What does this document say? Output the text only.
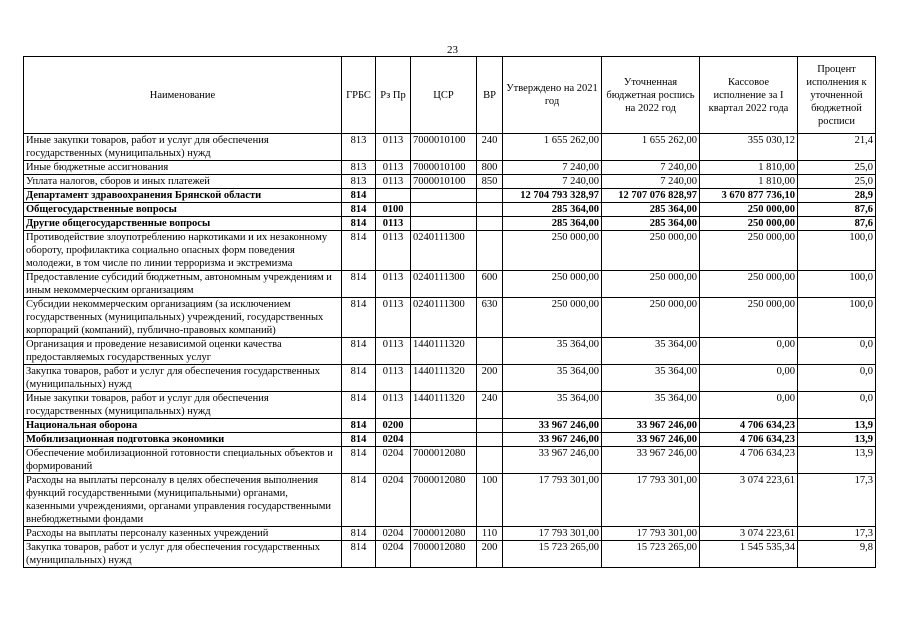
23
Наименование	ГРБС	Рз Пр	ЦСР	ВР	Утверждено на 2021 год	Уточненная бюджетная роспись на 2022 год	Кассовое исполнение за I квартал 2022 года	Процент исполнения к уточненной бюджетной росписи
Иные закупки товаров, работ и услуг для обеспечения государственных (муниципальных) нужд	813	0113	7000010100	240	1 655 262,00	1 655 262,00	355 030,12	21,4
Иные бюджетные ассигнования	813	0113	7000010100	800	7 240,00	7 240,00	1 810,00	25,0
Уплата налогов, сборов и иных платежей	813	0113	7000010100	850	7 240,00	7 240,00	1 810,00	25,0
Департамент здравоохранения Брянской области	814				12 704 793 328,97	12 707 076 828,97	3 670 877 736,10	28,9
Общегосударственные вопросы	814	0100			285 364,00	285 364,00	250 000,00	87,6
Другие общегосударственные вопросы	814	0113			285 364,00	285 364,00	250 000,00	87,6
Противодействие злоупотреблению наркотиками и их незаконному обороту, профилактика социально опасных форм поведения молодежи, в том числе по линии терроризма и экстремизма	814	0113	0240111300		250 000,00	250 000,00	250 000,00	100,0
Предоставление субсидий бюджетным, автономным учреждениям и иным некоммерческим организациям	814	0113	0240111300	600	250 000,00	250 000,00	250 000,00	100,0
Субсидии некоммерческим организациям (за исключением государственных (муниципальных) учреждений, государственных корпораций (компаний), публично-правовых компаний)	814	0113	0240111300	630	250 000,00	250 000,00	250 000,00	100,0
Организация и проведение независимой оценки качества предоставляемых государственных услуг	814	0113	1440111320		35 364,00	35 364,00	0,00	0,0
Закупка товаров, работ и услуг для обеспечения государственных (муниципальных) нужд	814	0113	1440111320	200	35 364,00	35 364,00	0,00	0,0
Иные закупки товаров, работ и услуг для обеспечения государственных (муниципальных) нужд	814	0113	1440111320	240	35 364,00	35 364,00	0,00	0,0
Национальная оборона	814	0200			33 967 246,00	33 967 246,00	4 706 634,23	13,9
Мобилизационная подготовка экономики	814	0204			33 967 246,00	33 967 246,00	4 706 634,23	13,9
Обеспечение мобилизационной готовности специальных объектов и формирований	814	0204	7000012080		33 967 246,00	33 967 246,00	4 706 634,23	13,9
Расходы на выплаты персоналу в целях обеспечения выполнения функций государственными (муниципальными) органами, казенными учреждениями, органами управления государственными внебюджетными фондами	814	0204	7000012080	100	17 793 301,00	17 793 301,00	3 074 223,61	17,3
Расходы на выплаты персоналу казенных учреждений	814	0204	7000012080	110	17 793 301,00	17 793 301,00	3 074 223,61	17,3
Закупка товаров, работ и услуг для обеспечения государственных (муниципальных) нужд	814	0204	7000012080	200	15 723 265,00	15 723 265,00	1 545 535,34	9,8
